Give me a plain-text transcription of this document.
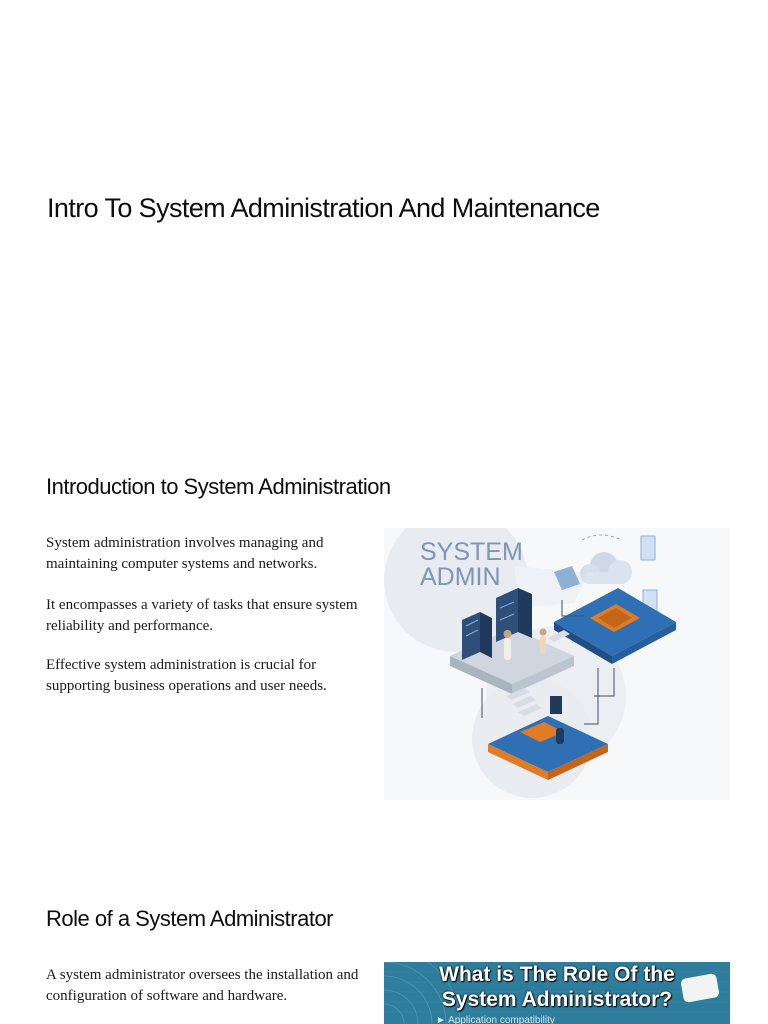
Intro To System Administration And Maintenance
Introduction to System Administration

System administration involves managing and maintaining computer systems and networks.

It encompasses a variety of tasks that ensure system reliability and performance.

Effective system administration is crucial for supporting business operations and user needs.

SYSTEM
ADMIN
Role of a System Administrator

A system administrator oversees the installation and configuration of software and hardware.

What is The Role Of the
System Administrator?
► Application compatibility
